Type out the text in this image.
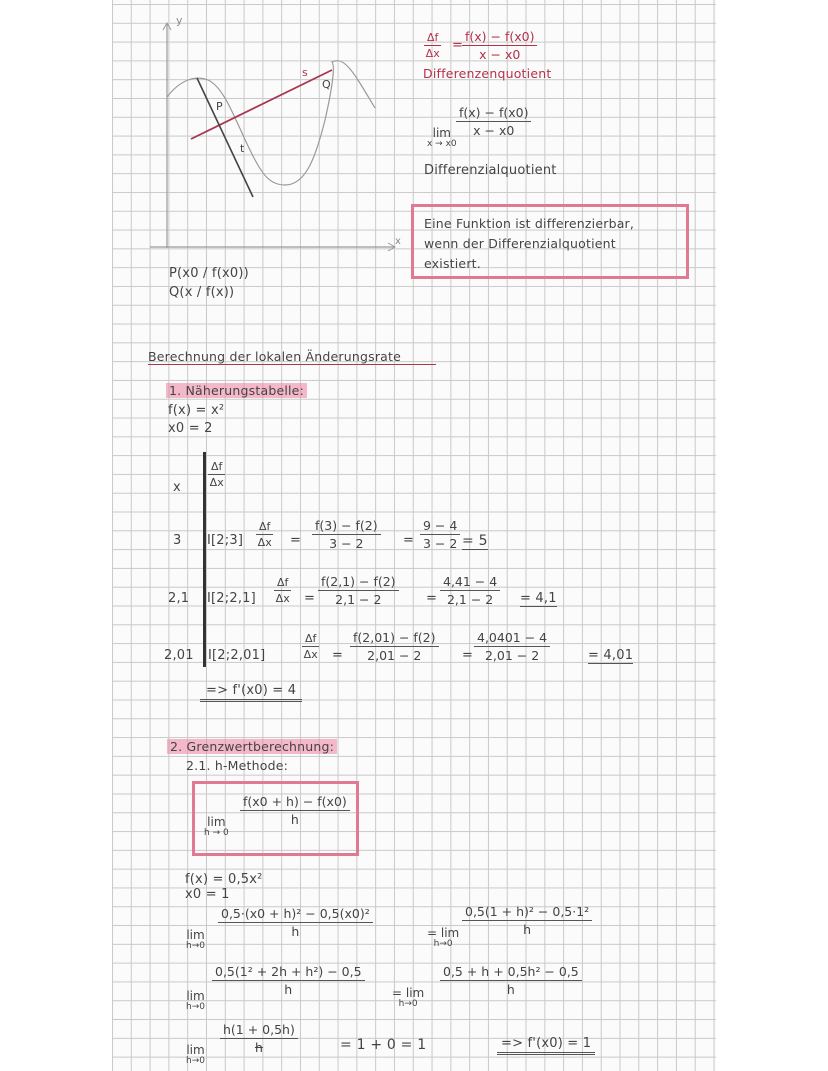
y
x
P
Q
s
t
$\frac{\Delta f}{\Delta x}$ =
$\frac{f(x) - f(x0)}{x - x0}$
Differenzenquotient
lim
x → x0
$\frac{f(x) - f(x0)}{x - x0}$
Differenzialquotient
Eine Funktion ist differenzierbar,
wenn der Differenzialquotient
existiert.
P(x0 / f(x0))
Q(x / f(x))
Berechnung der lokalen Änderungsrate
1. Näherungstabelle:
f(x) = x²
x0 = 2
x $\frac{\Delta f}{\Delta x}$
3 I[2;3] $\frac{\Delta f}{\Delta x} = \frac{f(3) - f(2)}{3 - 2} = \frac{9 - 4}{3 - 2} = 5$
2,1 I[2;2,1] $\frac{\Delta f}{\Delta x} = \frac{f(2,1) - f(2)}{2,1 - 2} = \frac{4,41 - 4}{2,1 - 2} = 4,1$
2,01 I[2;2,01]	$\frac{\Delta f}{\Delta x} = \frac{f(2,01) - f(2)}{2,01 - 2} = \frac{4,0401 - 4}{2,01 - 2}$	= 4,01
=> f'(x0) = 4
2. Grenzwertberechnung:
2.1. h-Methode:
lim
h → 0
$\frac{f(x0 + h) - f(x0)}{h}$
f(x) = 0,5x²
x0 = 1
lim
h→0
$\frac{\text{0,5·(x0 + h)² − 0,5(x0)²}}{h}$	= lim
h→0
$\frac{\text{0,5(1 + h)² − 0,5·1²}}{h}$
lim
h→0
$\frac{\text{0,5(1² + 2h + h²) − 0,5}}{h} = \lim$
h→0
$\frac{\text{0,5 + h + 0,5h² − 0,5}}{h}$
lim
h→0
$\frac{h(1 + 0,5h)}{h}$	= 1 + 0 = 1	=> f'(x0) = 1
